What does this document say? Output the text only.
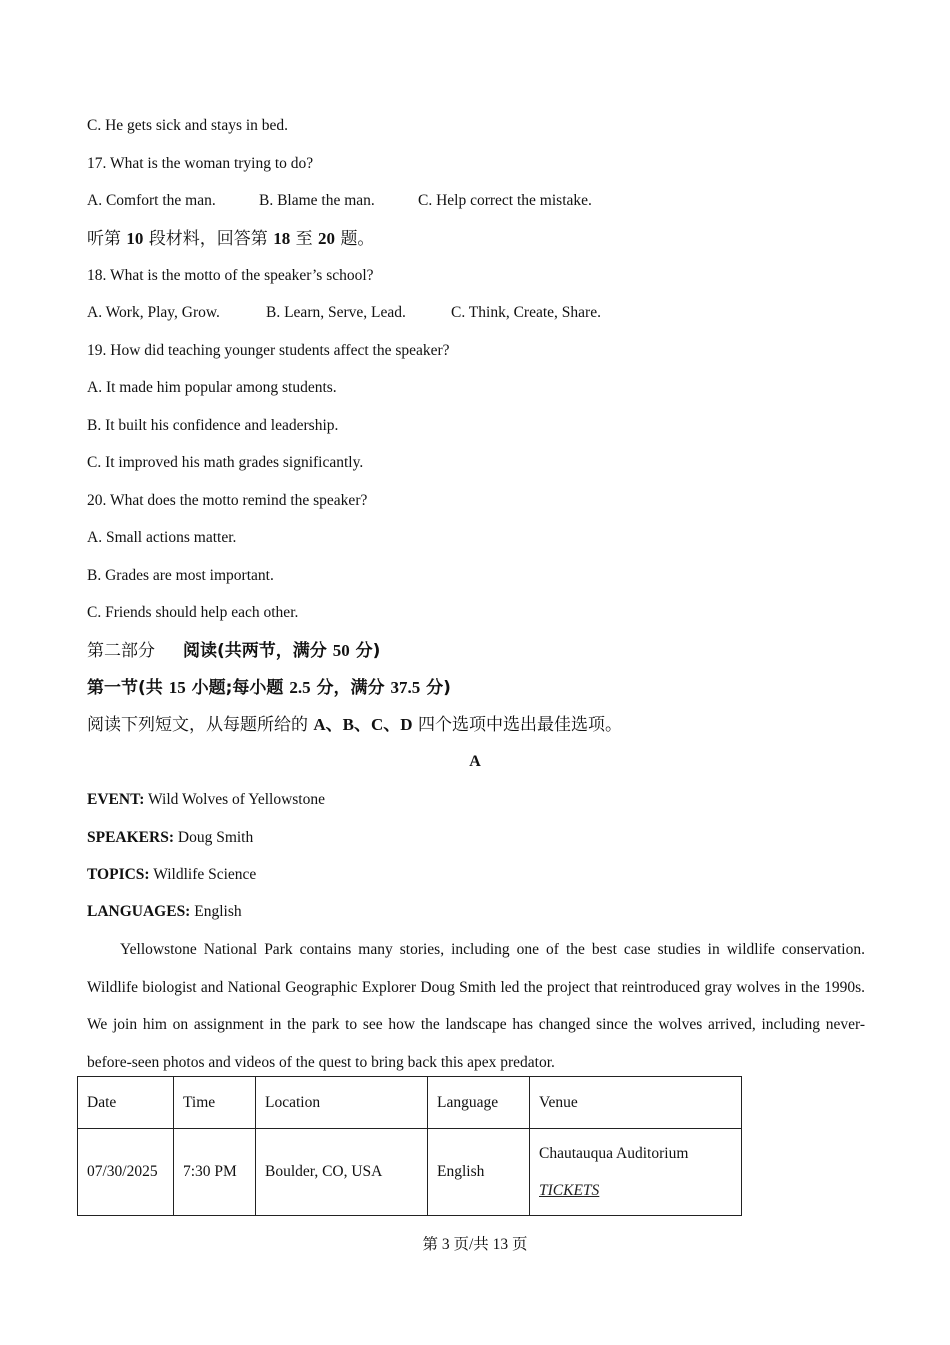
C. He gets sick and stays in bed.
17. What is the woman trying to do?
A. Comfort the man.	B. Blame the man.	C. Help correct the mistake.
听第 10 段材料，回答第 18 至 20 题。
18. What is the motto of the speaker’s school?
A. Work, Play, Grow.	B. Learn, Serve, Lead.	C. Think, Create, Share.
19. How did teaching younger students affect the speaker?
A. It made him popular among students.
B. It built his confidence and leadership.
C. It improved his math grades significantly.
20. What does the motto remind the speaker?
A. Small actions matter.
B. Grades are most important.
C. Friends should help each other.
第二部分 阅读(共两节，满分 50 分)
第一节(共 15 小题;每小题 2.5 分，满分 37.5 分)
阅读下列短文，从每题所给的 A、B、C、D 四个选项中选出最佳选项。
A
EVENT: Wild Wolves of Yellowstone
SPEAKERS: Doug Smith
TOPICS: Wildlife Science
LANGUAGES: English
Yellowstone National Park contains many stories, including one of the best case studies in wildlife conservation. Wildlife biologist and National Geographic Explorer Doug Smith led the project that reintroduced gray wolves in the 1990s. We join him on assignment in the park to see how the landscape has changed since the wolves arrived, including never-before-seen photos and videos of the quest to bring back this apex predator.
Date	Time	Location	Language	Venue
07/30/2025	7:30 PM	Boulder, CO, USA	English	Chautauqua Auditorium
TICKETS
第 3 页/共 13 页
